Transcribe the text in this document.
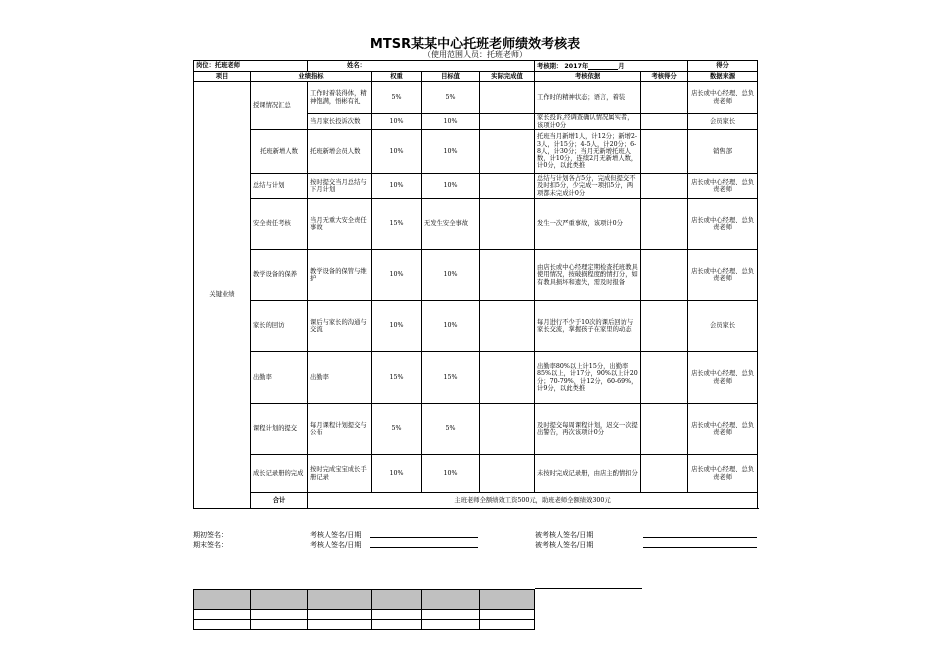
MTSR某某中心托班老师绩效考核表
（使用范围人员：托班老师）
岗位：托班老师		姓名：				考核期： 2017年 月		得分
项目	业绩指标		权重	目标值	实际完成值	考核依据	考核得分	数据来源
关键业绩	授课情况汇总	工作时着装得体，精神饱满，悟彬有礼	5%	5%		工作时的精神状态；语言，着装		店长或中心经理、总负责老师
		当月家长投诉次数	10%	10%		家长投诉,经调查确认情况属实者，该项计0分		会员家长
	托班新增人数	托班新增会员人数	10%	10%		托班当月新增1人，计12分；新增2-3人，计15分；4-5人，计20分；6-8人，计30分；当月无新增托班人数，计10分，连续2月无新增人数，计0分，以此类推		销售部
	总结与计划	按时提交当月总结与下月计划	10%	10%		总结与计划各占5分，完成但提交不及时扣5分，少完成一项扣5分，两项都未完成计0分		店长或中心经理、总负责老师
	安全责任考核	当月无重大安全责任事故	15%	无发生安全事故		发生一次严重事故，该项计0分		店长或中心经理、总负责老师
	教学设备的保养	教学设备的保管与维护	10%	10%		由店长或中心经理定期检查托班教具使用情况，按破损程度酌情打分，如有教具损坏和遗失，需及时报备		店长或中心经理、总负责老师
	家长的回访	课后与家长的沟通与交流	10%	10%		每月进行不少于10次的课后回访与家长交流，掌握孩子在家里的动态		会员家长
	出勤率	出勤率	15%	15%		出勤率80%以上计15分，出勤率85%以上，计17分，90%以上计20分；70-79%，计12分，60-69%，计9分，以此类推		店长或中心经理、总负责老师
	课程计划的提交	每月课程计划提交与公布	5%	5%		及时提交每周课程计划，迟交一次提出警告，再次该项计0分		店长或中心经理、总负责老师
	成长记录册的完成	按时完成宝宝成长手册记录	10%	10%		未按时完成记录册，由店主酌情扣分		店长或中心经理、总负责老师
	合计	主班老师全额绩效工资500元，助班老师全额绩效300元						
期初签名：
期末签名：
考核人签名/日期
考核人签名/日期
被考核人签名/日期
被考核人签名/日期
